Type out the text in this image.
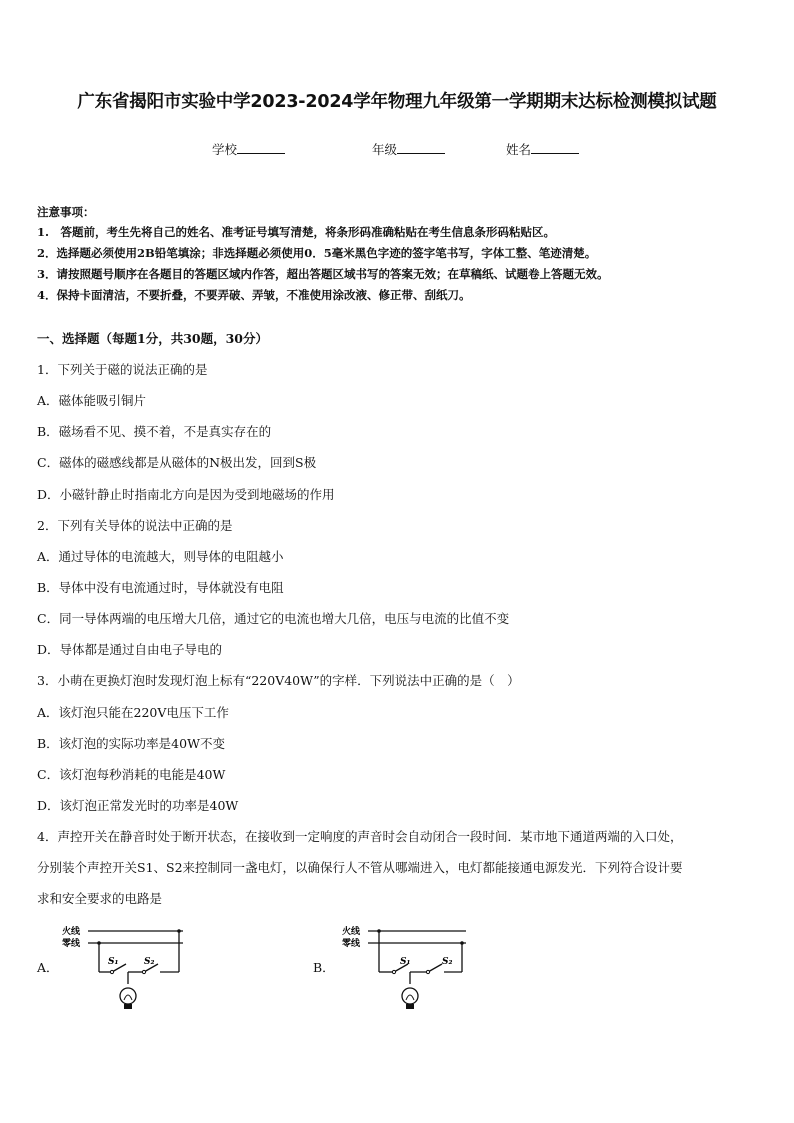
广东省揭阳市实验中学2023-2024学年物理九年级第一学期期末达标检测模拟试题
学校	年级	姓名
注意事项：
1.　答题前，考生先将自己的姓名、准考证号填写清楚，将条形码准确粘贴在考生信息条形码粘贴区。
2．选择题必须使用2B铅笔填涂；非选择题必须使用0．5毫米黑色字迹的签字笔书写，字体工整、笔迹清楚。
3．请按照题号顺序在各题目的答题区域内作答，超出答题区域书写的答案无效；在草稿纸、试题卷上答题无效。
4．保持卡面清洁，不要折叠，不要弄破、弄皱，不准使用涂改液、修正带、刮纸刀。
一、选择题（每题1分，共30题，30分）
1．下列关于磁的说法正确的是
A．磁体能吸引铜片
B．磁场看不见、摸不着，不是真实存在的
C．磁体的磁感线都是从磁体的N极出发，回到S极
D．小磁针静止时指南北方向是因为受到地磁场的作用
2．下列有关导体的说法中正确的是
A．通过导体的电流越大，则导体的电阻越小
B．导体中没有电流通过时，导体就没有电阻
C．同一导体两端的电压增大几倍，通过它的电流也增大几倍，电压与电流的比值不变
D．导体都是通过自由电子导电的
3．小萌在更换灯泡时发现灯泡上标有“220V40W”的字样．下列说法中正确的是（　）
A．该灯泡只能在220V电压下工作
B．该灯泡的实际功率是40W不变
C．该灯泡每秒消耗的电能是40W
D．该灯泡正常发光时的功率是40W
4．声控开关在静音时处于断开状态，在接收到一定响度的声音时会自动闭合一段时间．某市地下通道两端的入口处，
分别装个声控开关S1、S2来控制同一盏电灯，以确保行人不管从哪端进入，电灯都能接通电源发光．下列符合设计要
求和安全要求的电路是
A．
火线
零线
S₁	S₂	B．
火线
零线
S₁	S₂
